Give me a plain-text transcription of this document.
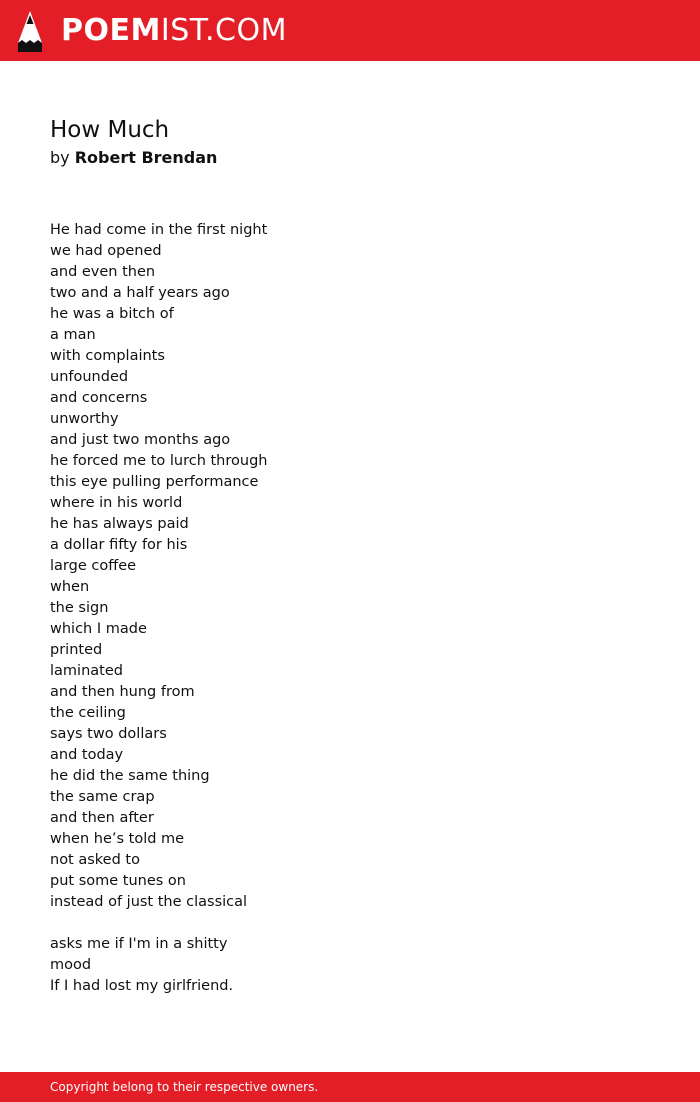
POEM IST.COM
How Much
by Robert Brendan
He had come in the first night
we had opened
and even then
two and a half years ago
he was a bitch of
a man
with complaints
unfounded
and concerns
unworthy
and just two months ago
he forced me to lurch through
this eye pulling performance
where in his world
he has always paid
a dollar fifty for his
large coffee
when
the sign
which I made
printed
laminated
and then hung from
the ceiling
says two dollars
and today
he did the same thing
the same crap
and then after
when he’s told me
not asked to
put some tunes on
instead of just the classical
asks me if I'm in a shitty
mood
If I had lost my girlfriend.
Copyright belong to their respective owners.
